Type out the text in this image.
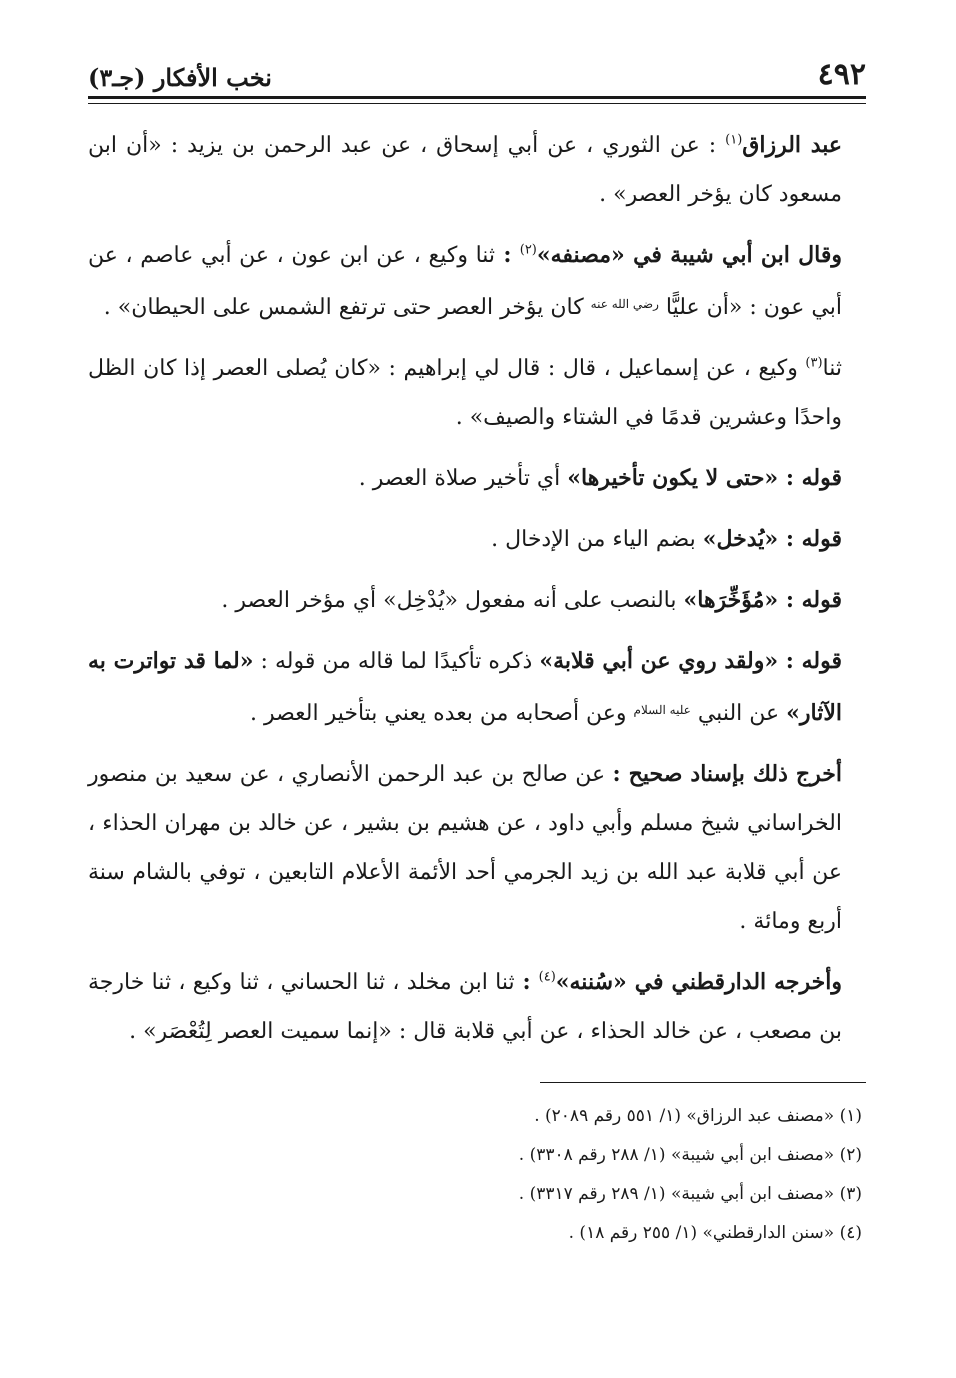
٤٩٢
نخب الأفكار (جـ٣)

عبد الرزاق$^{(١)}$ : عن الثوري ، عن أبي إسحاق ، عن عبد الرحمن بن يزيد : «أن ابن مسعود كان يؤخر العصر» .

وقال ابن أبي شيبة في «مصنفه»$^{(٢)}$ : ثنا وكيع ، عن ابن عون ، عن أبي عاصم ، عن أبي عون : «أن عليًّا $^{رضي الله عنه}$ كان يؤخر العصر حتى ترتفع الشمس على الحيطان» .

ثنا$^{(٣)}$ وكيع ، عن إسماعيل ، قال : قال لي إبراهيم : «كان يُصلى العصر إذا كان الظل واحدًا وعشرين قدمًا في الشتاء والصيف» .

قوله : «حتى لا يكون تأخيرها» أي تأخير صلاة العصر .

قوله : «يُدخل» بضم الياء من الإدخال .

قوله : «مُؤَخِّرَها» بالنصب على أنه مفعول «يُدْخِل» أي مؤخر العصر .

قوله : «ولقد روي عن أبي قلابة» ذكره تأكيدًا لما قاله من قوله : «لما قد تواترت به الآثار» عن النبي $^{عليه السلام}$ وعن أصحابه من بعده يعني بتأخير العصر .

أخرج ذلك بإسناد صحيح : عن صالح بن عبد الرحمن الأنصاري ، عن سعيد بن منصور الخراساني شيخ مسلم وأبي داود ، عن هشيم بن بشير ، عن خالد بن مهران الحذاء ، عن أبي قلابة عبد الله بن زيد الجرمي أحد الأئمة الأعلام التابعين ، توفي بالشام سنة أربع ومائة .

وأخرجه الدارقطني في «سُننه»$^{(٤)}$ : ثنا ابن مخلد ، ثنا الحساني ، ثنا وكيع ، ثنا خارجة بن مصعب ، عن خالد الحذاء ، عن أبي قلابة قال : «إنما سميت العصر لِتُعْصَر» .

(١) «مصنف عبد الرزاق» (١/ ٥٥١ رقم ٢٠٨٩) .
(٢) «مصنف ابن أبي شيبة» (١/ ٢٨٨ رقم ٣٣٠٨) .
(٣) «مصنف ابن أبي شيبة» (١/ ٢٨٩ رقم ٣٣١٧) .
(٤) «سنن الدارقطني» (١/ ٢٥٥ رقم ١٨) .
